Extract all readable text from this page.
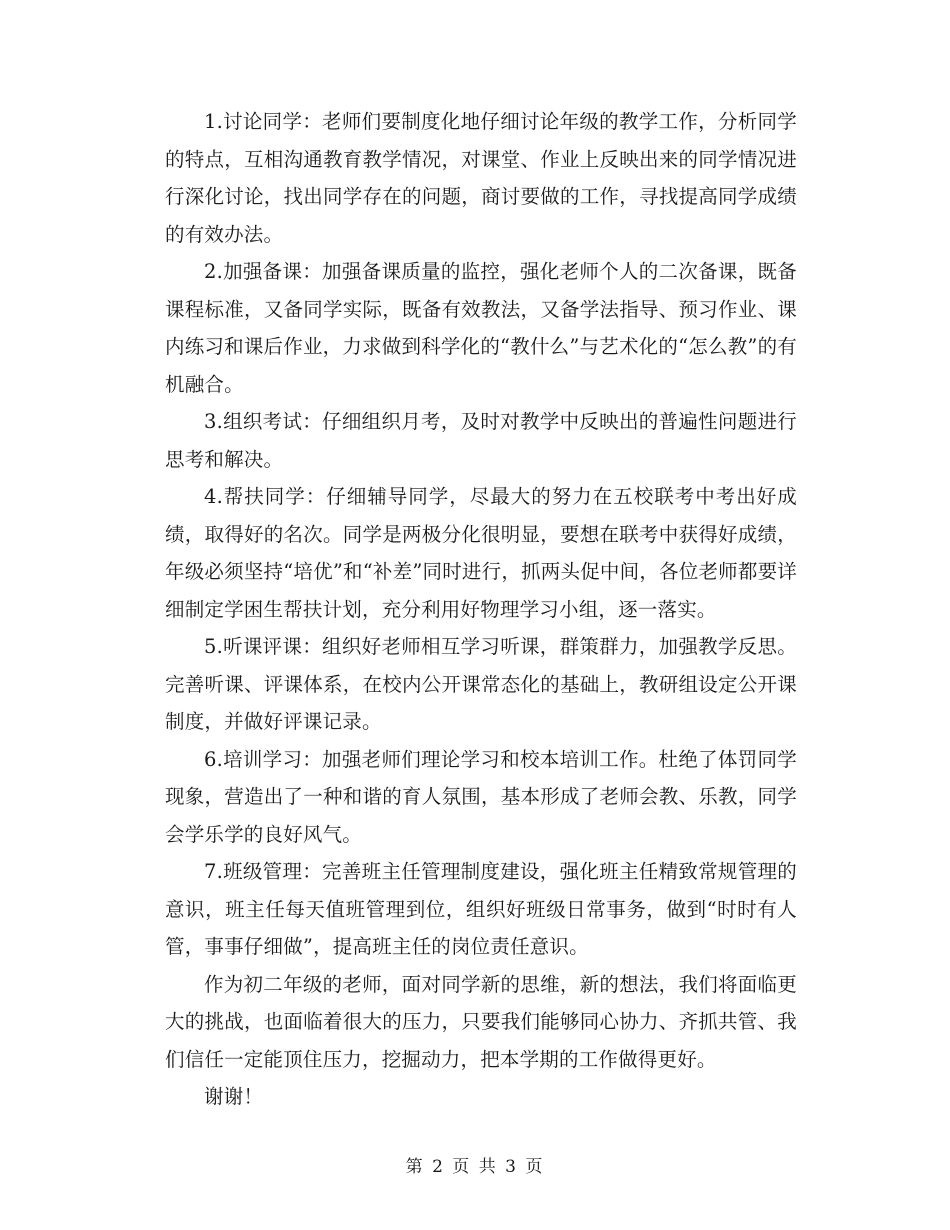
1.讨论同学：老师们要制度化地仔细讨论年级的教学工作，分析同学的特点，互相沟通教育教学情况，对课堂、作业上反映出来的同学情况进行深化讨论，找出同学存在的问题，商讨要做的工作，寻找提高同学成绩的有效办法。

2.加强备课：加强备课质量的监控，强化老师个人的二次备课，既备课程标准，又备同学实际，既备有效教法，又备学法指导、预习作业、课内练习和课后作业，力求做到科学化的“教什么”与艺术化的“怎么教”的有机融合。

3.组织考试：仔细组织月考，及时对教学中反映出的普遍性问题进行思考和解决。

4.帮扶同学：仔细辅导同学，尽最大的努力在五校联考中考出好成绩，取得好的名次。同学是两极分化很明显，要想在联考中获得好成绩，年级必须坚持“培优”和“补差”同时进行，抓两头促中间，各位老师都要详细制定学困生帮扶计划，充分利用好物理学习小组，逐一落实。

5.听课评课：组织好老师相互学习听课，群策群力，加强教学反思。完善听课、评课体系，在校内公开课常态化的基础上，教研组设定公开课制度，并做好评课记录。

6.培训学习：加强老师们理论学习和校本培训工作。杜绝了体罚同学现象，营造出了一种和谐的育人氛围，基本形成了老师会教、乐教，同学会学乐学的良好风气。

7.班级管理：完善班主任管理制度建设，强化班主任精致常规管理的意识，班主任每天值班管理到位，组织好班级日常事务，做到“时时有人管，事事仔细做”，提高班主任的岗位责任意识。

作为初二年级的老师，面对同学新的思维，新的想法，我们将面临更大的挑战，也面临着很大的压力，只要我们能够同心协力、齐抓共管、我们信任一定能顶住压力，挖掘动力，把本学期的工作做得更好。

谢谢！

第 2 页 共 3 页
